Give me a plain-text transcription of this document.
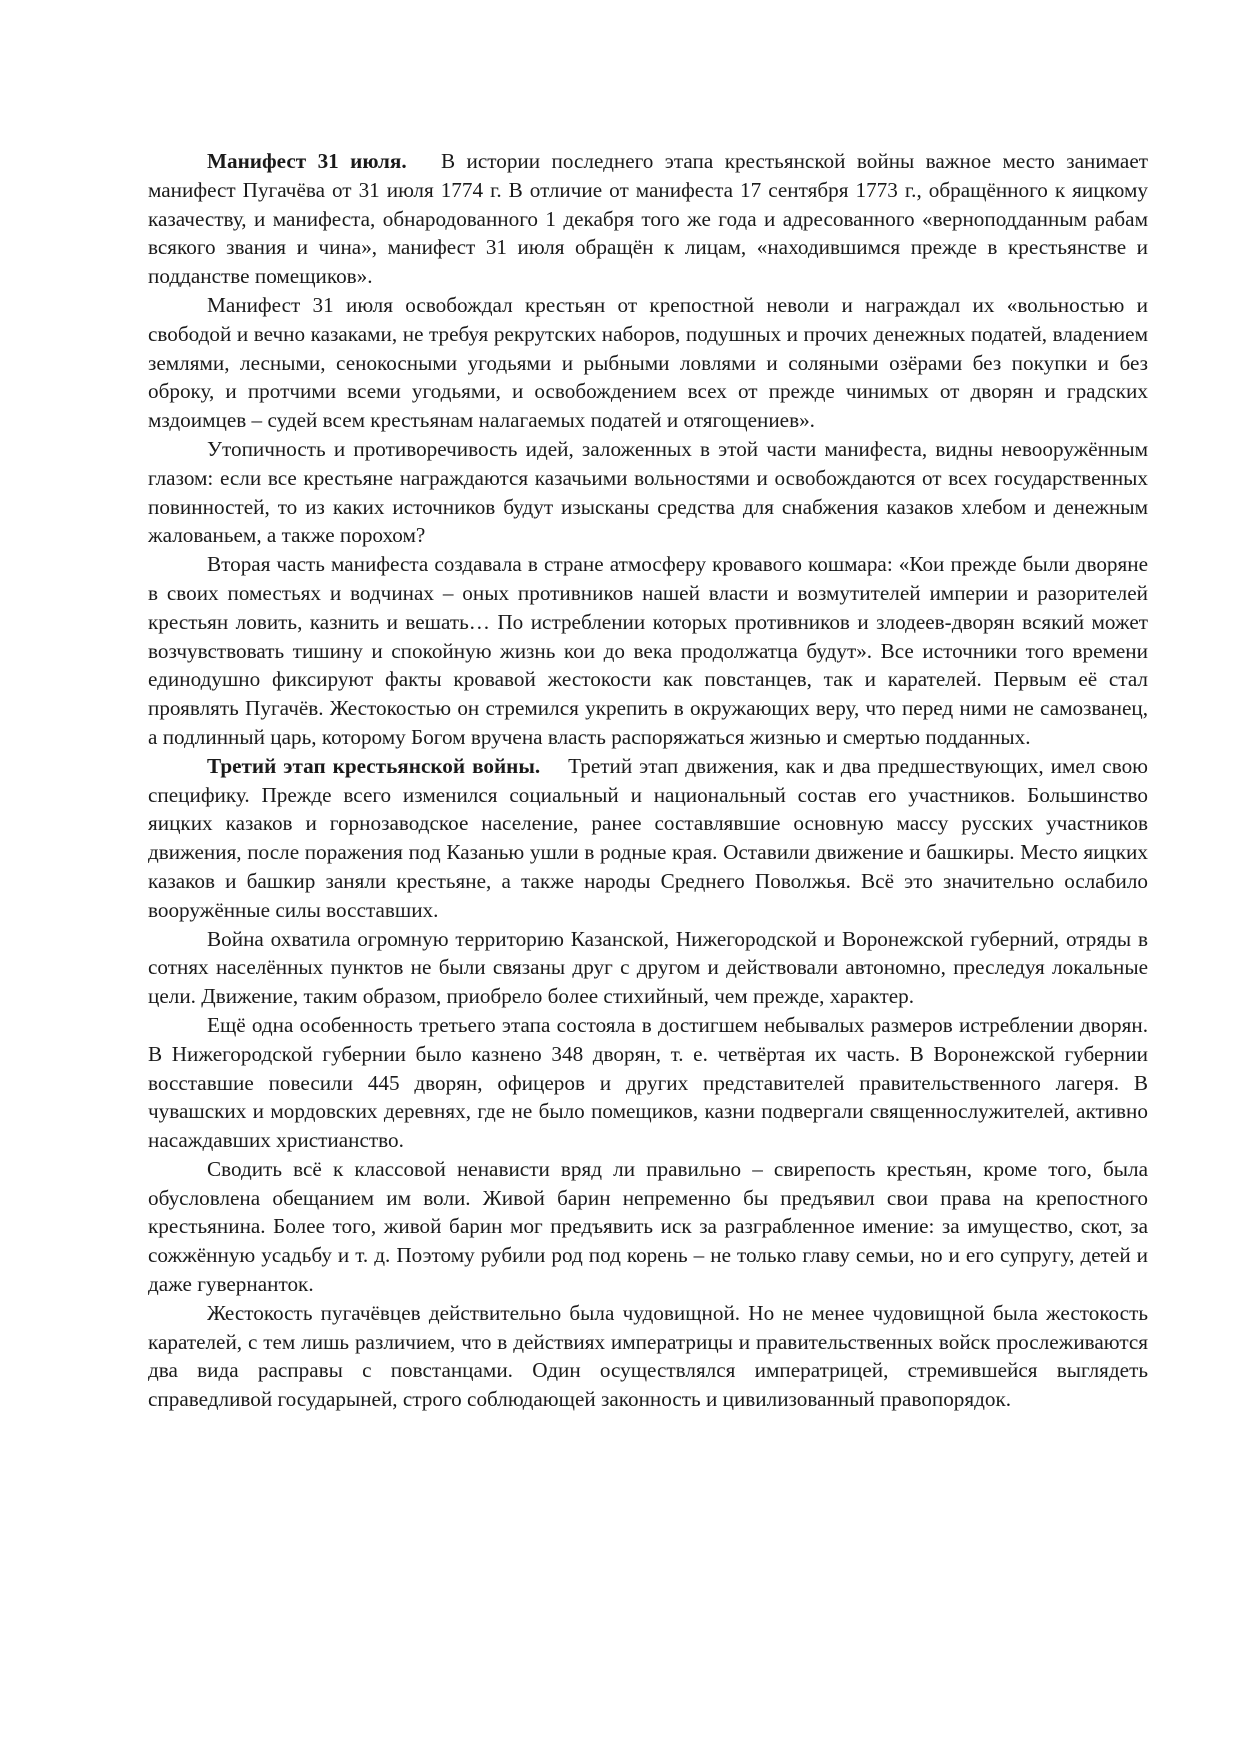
Манифест 31 июля.   В истории последнего этапа крестьянской войны важное место занимает манифест Пугачёва от 31 июля 1774 г. В отличие от манифеста 17 сентября 1773 г., обращённого к яицкому казачеству, и манифеста, обнародованного 1 декабря того же года и адресованного «верноподданным рабам всякого звания и чина», манифест 31 июля обращён к лицам, «находившимся прежде в крестьянстве и подданстве помещиков».

Манифест 31 июля освобождал крестьян от крепостной неволи и награждал их «вольностью и свободой и вечно казаками, не требуя рекрутских наборов, подушных и прочих денежных податей, владением землями, лесными, сенокосными угодьями и рыбными ловлями и соляными озёрами без покупки и без оброку, и протчими всеми угодьями, и освобождением всех от прежде чинимых от дворян и градских мздоимцев – судей всем крестьянам налагаемых податей и отягощениев».

Утопичность и противоречивость идей, заложенных в этой части манифеста, видны невооружённым глазом: если все крестьяне награждаются казачьими вольностями и освобождаются от всех государственных повинностей, то из каких источников будут изысканы средства для снабжения казаков хлебом и денежным жалованьем, а также порохом?

Вторая часть манифеста создавала в стране атмосферу кровавого кошмара: «Кои прежде были дворяне в своих поместьях и водчинах – оных противников нашей власти и возмутителей империи и разорителей крестьян ловить, казнить и вешать… По истреблении которых противников и злодеев-дворян всякий может возчувствовать тишину и спокойную жизнь кои до века продолжатца будут». Все источники того времени единодушно фиксируют факты кровавой жестокости как повстанцев, так и карателей. Первым её стал проявлять Пугачёв. Жестокостью он стремился укрепить в окружающих веру, что перед ними не самозванец, а подлинный царь, которому Богом вручена власть распоряжаться жизнью и смертью подданных.

Третий этап крестьянской войны.    Третий этап движения, как и два предшествующих, имел свою специфику. Прежде всего изменился социальный и национальный состав его участников. Большинство яицких казаков и горнозаводское население, ранее составлявшие основную массу русских участников движения, после поражения под Казанью ушли в родные края. Оставили движение и башкиры. Место яицких казаков и башкир заняли крестьяне, а также народы Среднего Поволжья. Всё это значительно ослабило вооружённые силы восставших.

Война охватила огромную территорию Казанской, Нижегородской и Воронежской губерний, отряды в сотнях населённых пунктов не были связаны друг с другом и действовали автономно, преследуя локальные цели. Движение, таким образом, приобрело более стихийный, чем прежде, характер.

Ещё одна особенность третьего этапа состояла в достигшем небывалых размеров истреблении дворян. В Нижегородской губернии было казнено 348 дворян, т. е. четвёртая их часть. В Воронежской губернии восставшие повесили 445 дворян, офицеров и других представителей правительственного лагеря. В чувашских и мордовских деревнях, где не было помещиков, казни подвергали священнослужителей, активно насаждавших христианство.

Сводить всё к классовой ненависти вряд ли правильно – свирепость крестьян, кроме того, была обусловлена обещанием им воли. Живой барин непременно бы предъявил свои права на крепостного крестьянина. Более того, живой барин мог предъявить иск за разграбленное имение: за имущество, скот, за сожжённую усадьбу и т. д. Поэтому рубили род под корень – не только главу семьи, но и его супругу, детей и даже гувернанток.

Жестокость пугачёвцев действительно была чудовищной. Но не менее чудовищной была жестокость карателей, с тем лишь различием, что в действиях императрицы и правительственных войск прослеживаются два вида расправы с повстанцами. Один осуществлялся императрицей, стремившейся выглядеть справедливой государыней, строго соблюдающей законность и цивилизованный правопорядок.
